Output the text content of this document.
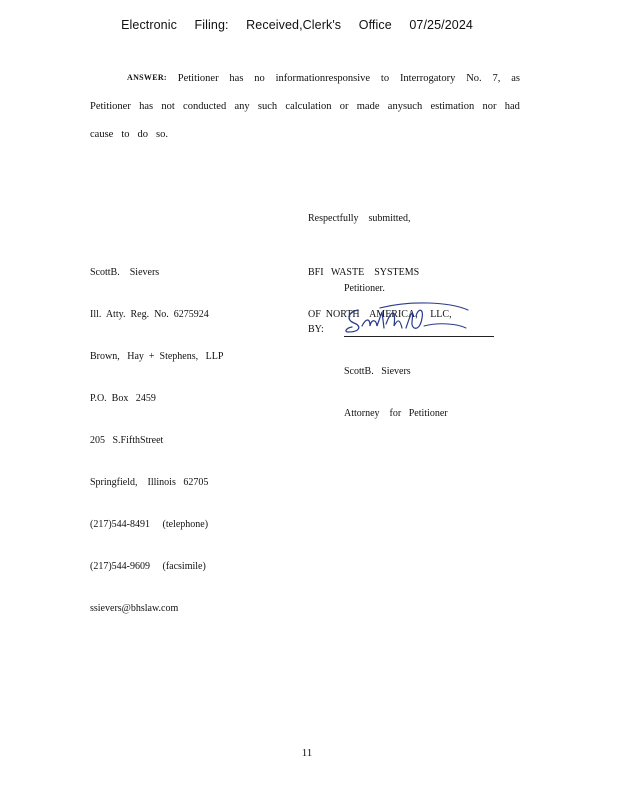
Electronic Filing: Received,Clerk's Office 07/25/2024
ANSWER: Petitioner has no informationresponsive to Interrogatory No. 7, as
Petitioner has not conducted any such calculation or made anysuch estimation nor had
cause to do so.
Respectfully    submitted,

ScottB.    Sievers

Ill.  Atty.  Reg.  No.  6275924

Brown,   Hay  +  Stephens,   LLP

P.O.  Box   2459

205   S.FifthStreet

Springfield,    Illinois   62705

(217)544-8491     (telephone)

(217)544-9609     (facsimile)

ssievers@bhslaw.com

BFI   WASTE    SYSTEMS

OF  NORTH    AMERICA,     LLC,

Petitioner.
BY:

ScottB.   Sievers

Attorney    for   Petitioner

11
